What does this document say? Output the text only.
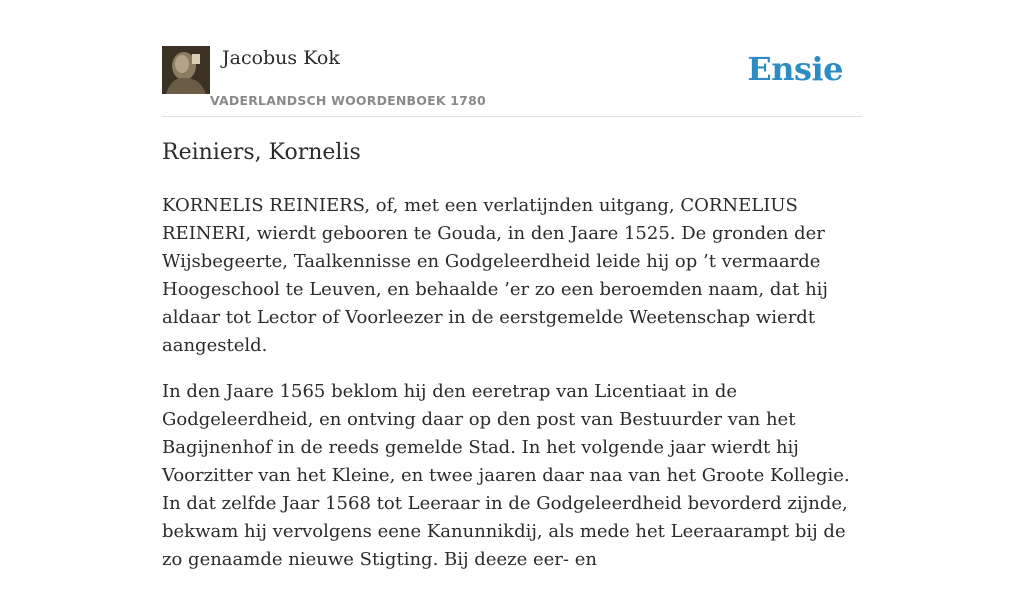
Jacobus Kok
VADERLANDSCH WOORDENBOEK 1780
Ensie
Reiniers, Kornelis

KORNELIS REINIERS, of, met een verlatijnden uitgang, CORNELIUS REINERI, wierdt gebooren te Gouda, in den Jaare 1525. De gronden der Wijsbegeerte, Taalkennisse en Godgeleerdheid leide hij op ’t vermaarde Hoogeschool te Leuven, en behaalde ’er zo een beroemden naam, dat hij aldaar tot Lector of Voorleezer in de eerstgemelde Weetenschap wierdt aangesteld.

In den Jaare 1565 beklom hij den eeretrap van Licentiaat in de Godgeleerdheid, en ontving daar op den post van Bestuurder van het Bagijnenhof in de reeds gemelde Stad. In het volgende jaar wierdt hij Voorzitter van het Kleine, en twee jaaren daar naa van het Groote Kollegie. In dat zelfde Jaar 1568 tot Leeraar in de Godgeleerdheid bevorderd zijnde, bekwam hij vervolgens eene Kanunnikdij, als mede het Leeraarampt bij de zo genaamde nieuwe Stigting. Bij deeze eer- en
